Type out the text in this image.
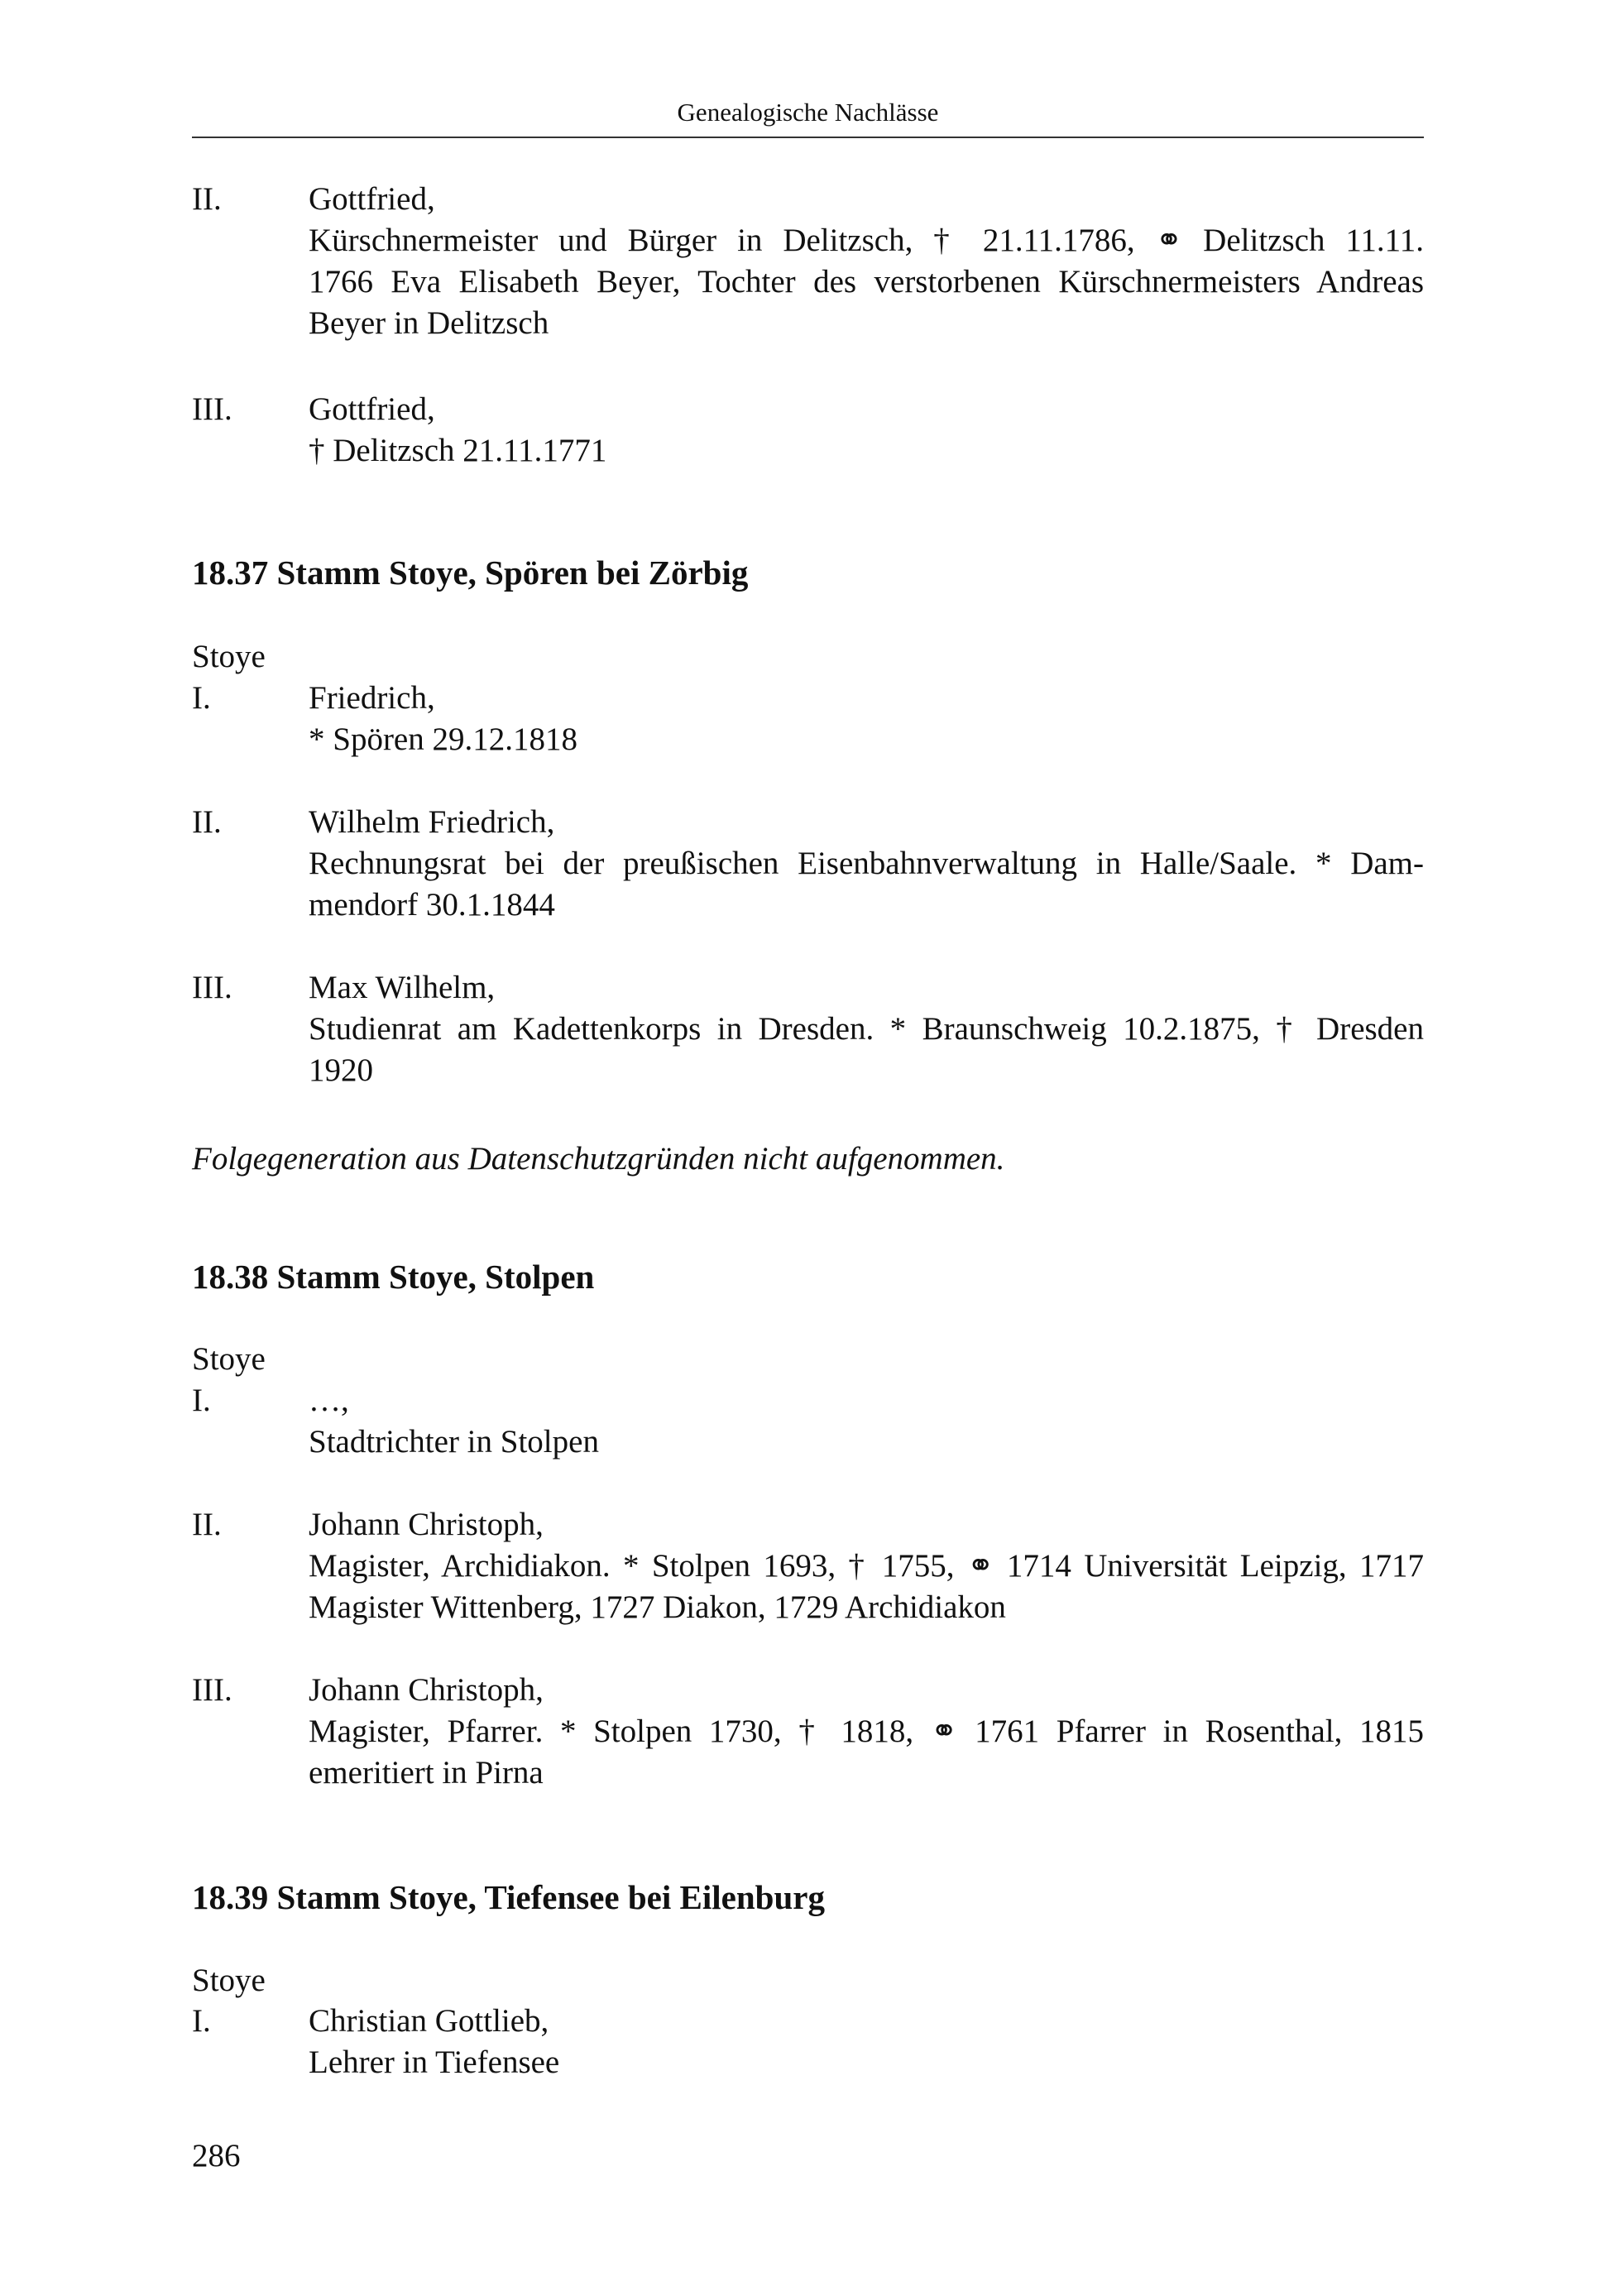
Genealogische Nachlässe
II.	Gottfried,
Kürschnermeister und Bürger in Delitzsch, † 21.11.1786, ⚭ Delitzsch 11.11.
1766 Eva Elisabeth Beyer, Tochter des verstorbenen Kürschnermeisters Andreas
Beyer in Delitzsch
III. Gottfried,
† Delitzsch 21.11.1771
18.37 Stamm Stoye, Spören bei Zörbig
Stoye
I.	Friedrich,
* Spören 29.12.1818
II.	Wilhelm Friedrich,
Rechnungsrat bei der preußischen Eisenbahnverwaltung in Halle/Saale. * Dam-
mendorf 30.1.1844
III. Max Wilhelm,
Studienrat am Kadettenkorps in Dresden. * Braunschweig 10.2.1875, † Dresden
1920
Folgegeneration aus Datenschutzgründen nicht aufgenommen.
18.38 Stamm Stoye, Stolpen
Stoye
I.	…,
Stadtrichter in Stolpen
II.	Johann Christoph,
Magister, Archidiakon. * Stolpen 1693, † 1755, ⚭ 1714 Universität Leipzig, 1717
Magister Wittenberg, 1727 Diakon, 1729 Archidiakon
III. Johann Christoph,
Magister, Pfarrer. * Stolpen 1730, † 1818, ⚭ 1761 Pfarrer in Rosenthal, 1815
emeritiert in Pirna
18.39 Stamm Stoye, Tiefensee bei Eilenburg
Stoye
I.	Christian Gottlieb,
Lehrer in Tiefensee
286
